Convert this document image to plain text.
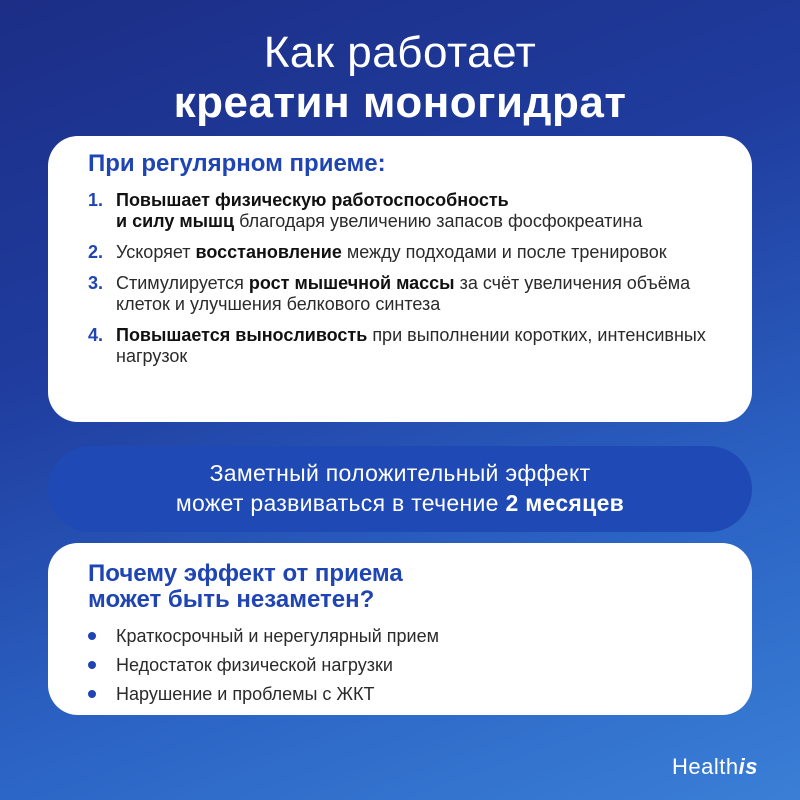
Как работает
креатин моногидрат
При регулярном приеме:
1. Повышает физическую работоспособность
и силу мышц благодаря увеличению запасов фосфокреатина
2. Ускоряет восстановление между подходами и после тренировок
3. Стимулируется рост мышечной массы за счёт увеличения объёма клеток и улучшения белкового синтеза
4. Повышается выносливость при выполнении коротких, интенсивных нагрузок
Заметный положительный эффект
может развиваться в течение 2 месяцев
Почему эффект от приема
может быть незаметен?
Краткосрочный и нерегулярный прием
Недостаток физической нагрузки
Нарушение и проблемы с ЖКТ
Healthis
